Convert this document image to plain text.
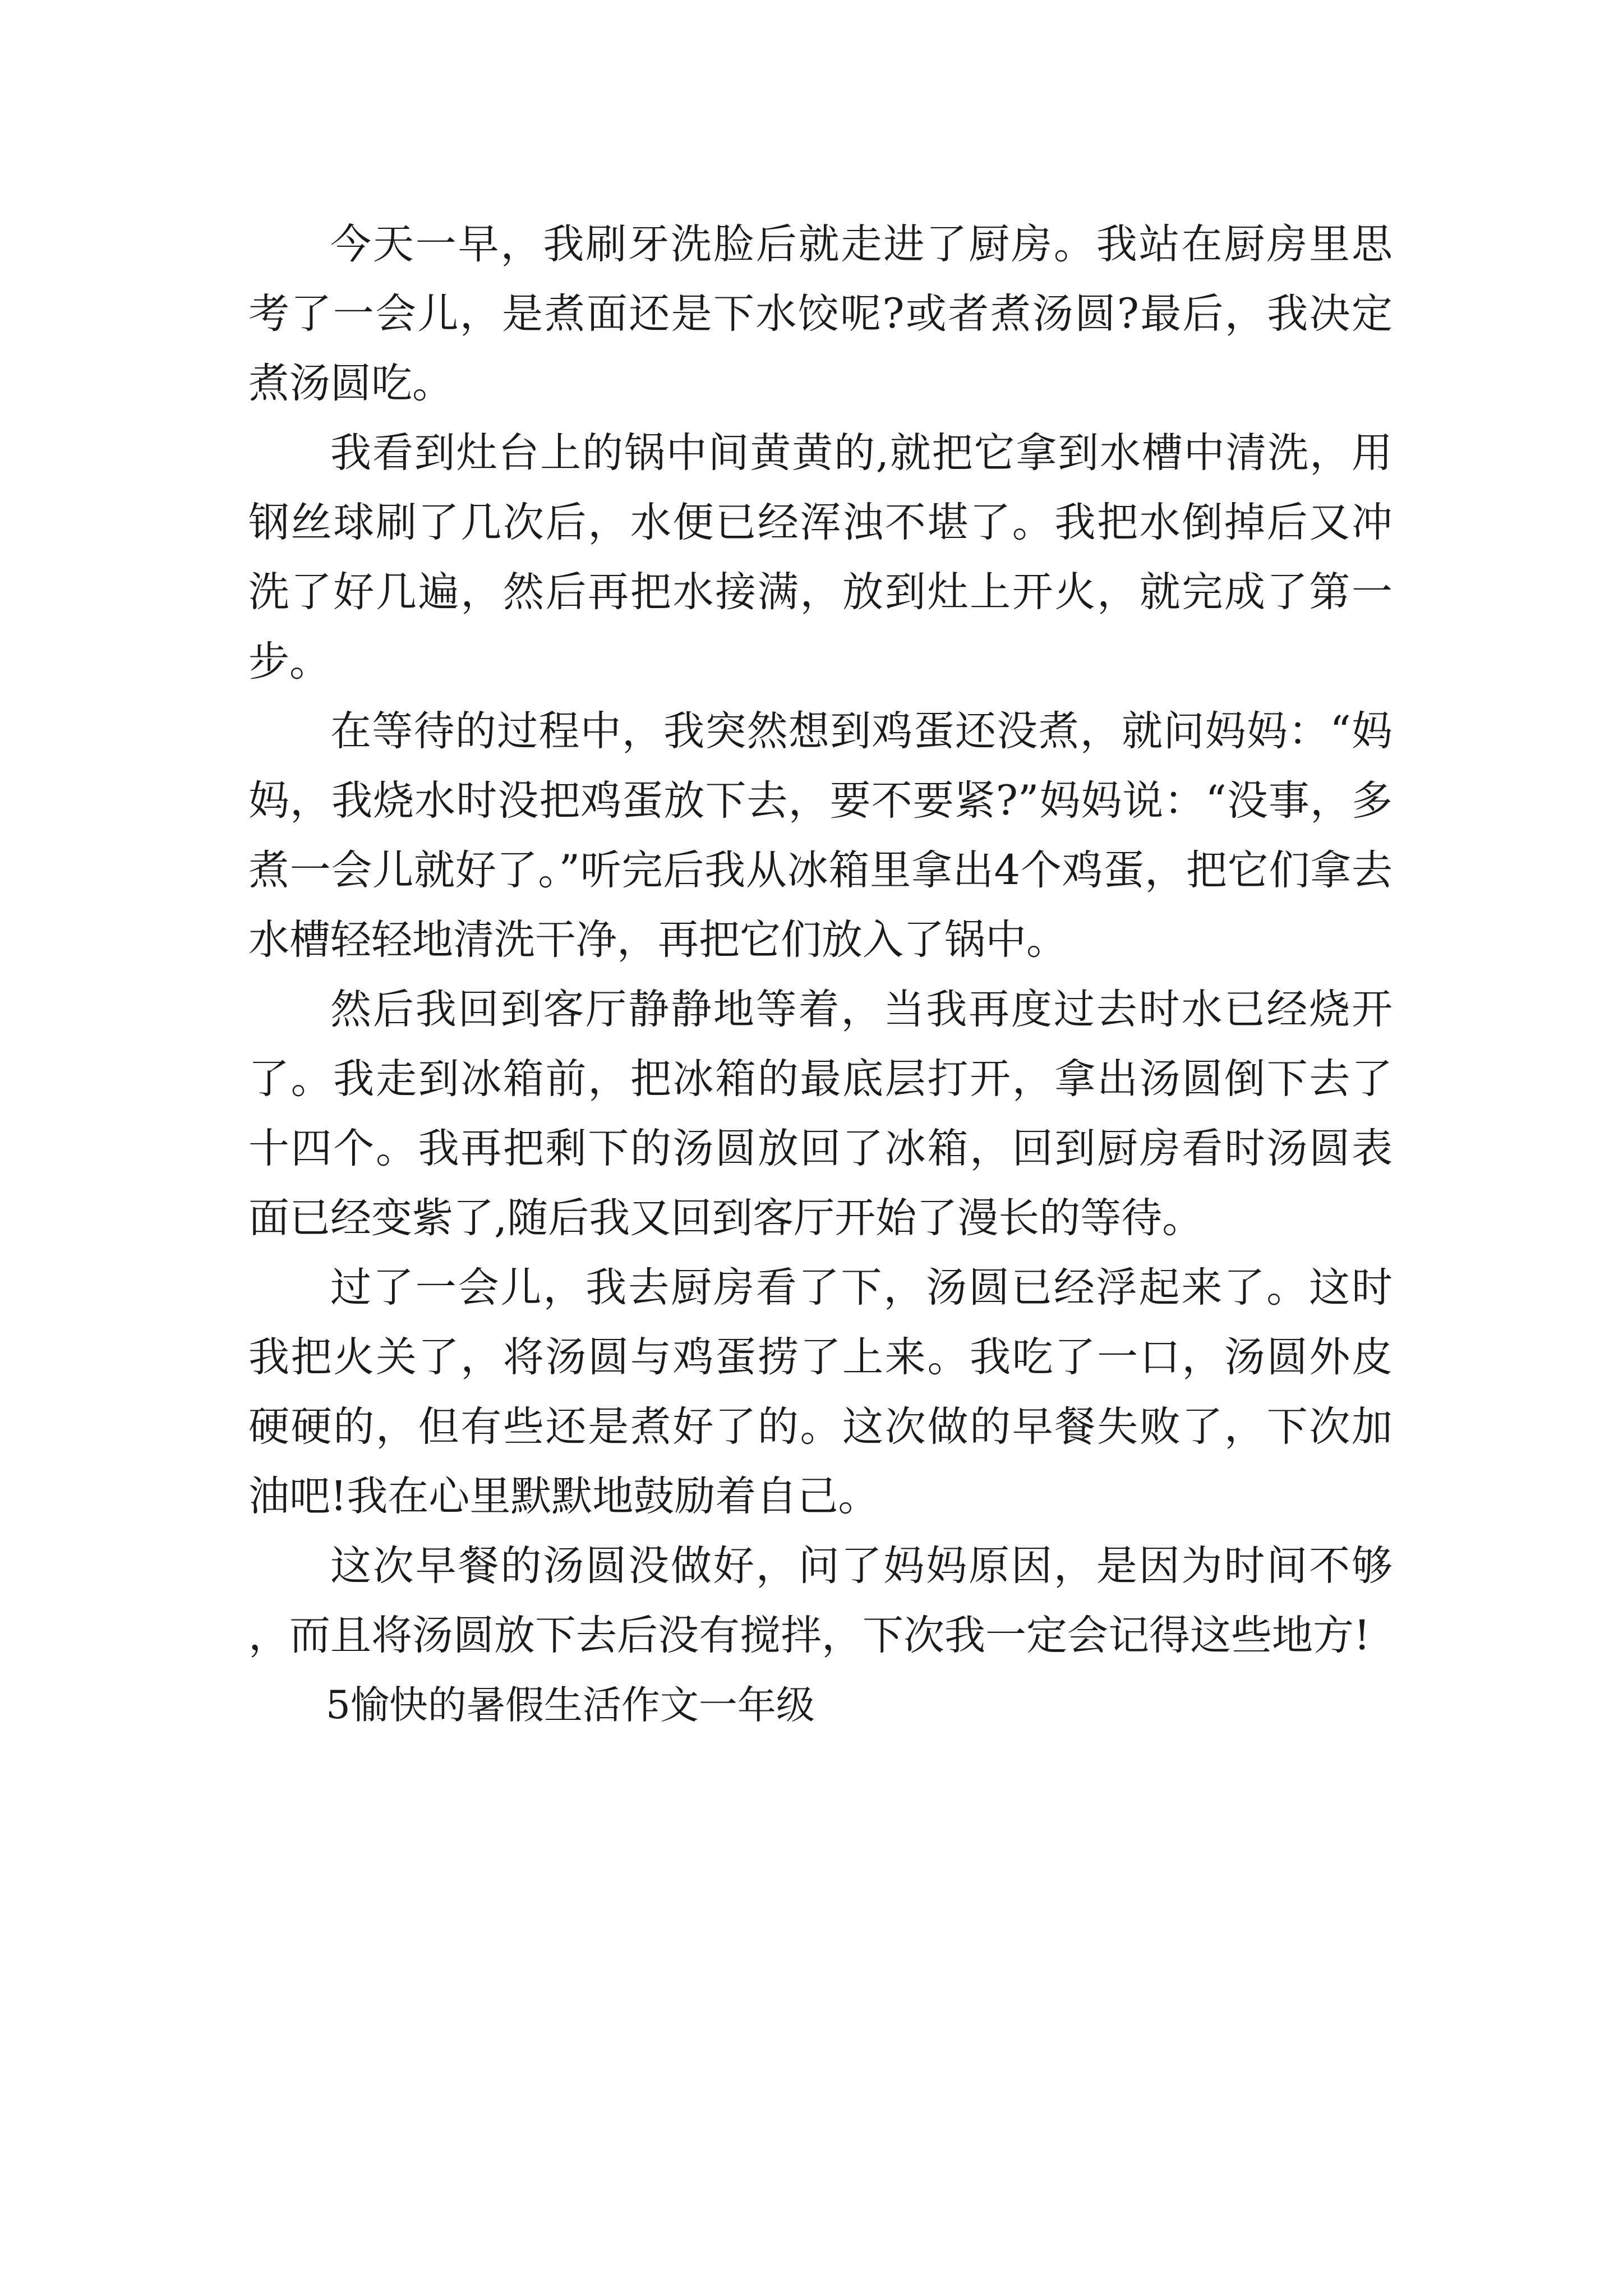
今天一早，我刷牙洗脸后就走进了厨房。我站在厨房里思考了一会儿，是煮面还是下水饺呢?或者煮汤圆?最后，我决定煮汤圆吃。

我看到灶台上的锅中间黄黄的,就把它拿到水槽中清洗，用钢丝球刷了几次后，水便已经浑浊不堪了。我把水倒掉后又冲洗了好几遍，然后再把水接满，放到灶上开火，就完成了第一步。

在等待的过程中，我突然想到鸡蛋还没煮，就问妈妈：“妈妈，我烧水时没把鸡蛋放下去，要不要紧?”妈妈说：“没事，多煮一会儿就好了。”听完后我从冰箱里拿出4个鸡蛋，把它们拿去水槽轻轻地清洗干净，再把它们放入了锅中。

然后我回到客厅静静地等着，当我再度过去时水已经烧开了。我走到冰箱前，把冰箱的最底层打开，拿出汤圆倒下去了十四个。我再把剩下的汤圆放回了冰箱，回到厨房看时汤圆表面已经变紫了,随后我又回到客厅开始了漫长的等待。

过了一会儿，我去厨房看了下，汤圆已经浮起来了。这时我把火关了，将汤圆与鸡蛋捞了上来。我吃了一口，汤圆外皮硬硬的，但有些还是煮好了的。这次做的早餐失败了，下次加油吧!我在心里默默地鼓励着自己。

这次早餐的汤圆没做好，问了妈妈原因，是因为时间不够，而且将汤圆放下去后没有搅拌，下次我一定会记得这些地方!

5愉快的暑假生活作文一年级
